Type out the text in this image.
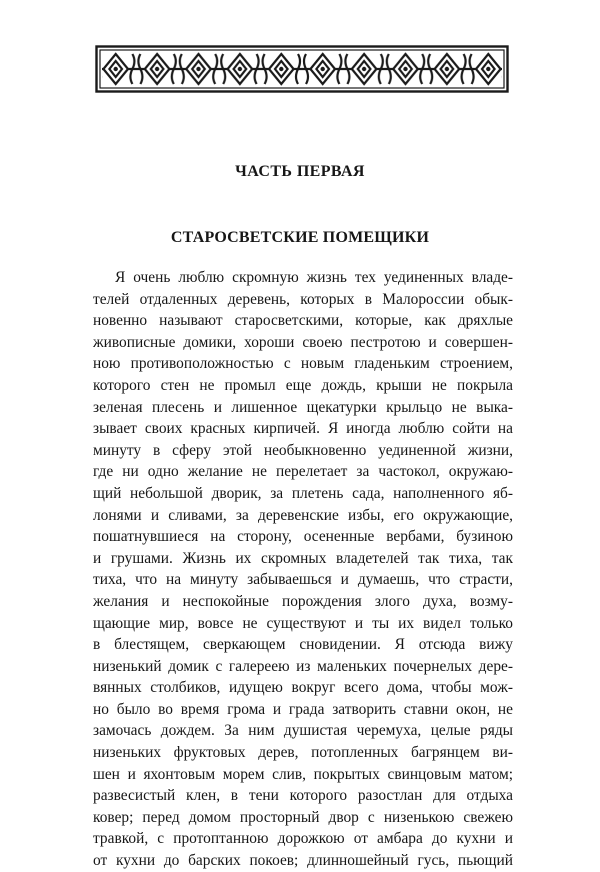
ЧАСТЬ ПЕРВАЯ
СТАРОСВЕТСКИЕ ПОМЕЩИКИ
Я очень люблю скромную жизнь тех уединенных владе-
телей отдаленных деревень, которых в Малороссии обык-
новенно называют старосветскими, которые, как дряхлые
живописные домики, хороши своею пестротою и совершен-
ною противоположностью с новым гладеньким строением,
которого стен не промыл еще дождь, крыши не покрыла
зеленая плесень и лишенное щекатурки крыльцо не выка-
зывает своих красных кирпичей. Я иногда люблю сойти на
минуту в сферу этой необыкновенно уединенной жизни,
где ни одно желание не перелетает за частокол, окружаю-
щий небольшой дворик, за плетень сада, наполненного яб-
лонями и сливами, за деревенские избы, его окружающие,
пошатнувшиеся на сторону, осененные вербами, бузиною
и грушами. Жизнь их скромных владетелей так тиха, так
тиха, что на минуту забываешься и думаешь, что страсти,
желания и неспокойные порождения злого духа, возму-
щающие мир, вовсе не существуют и ты их видел только
в блестящем, сверкающем сновидении. Я отсюда вижу
низенький домик с галереею из маленьких почернелых дере-
вянных столбиков, идущею вокруг всего дома, чтобы мож-
но было во время грома и града затворить ставни окон, не
замочась дождем. За ним душистая черемуха, целые ряды
низеньких фруктовых дерев, потопленных багрянцем ви-
шен и яхонтовым морем слив, покрытых свинцовым матом;
развесистый клен, в тени которого разостлан для отдыха
ковер; перед домом просторный двор с низенькою свежею
травкой, с протоптанною дорожкою от амбара до кухни и
от кухни до барских покоев; длинношейный гусь, пьющий
